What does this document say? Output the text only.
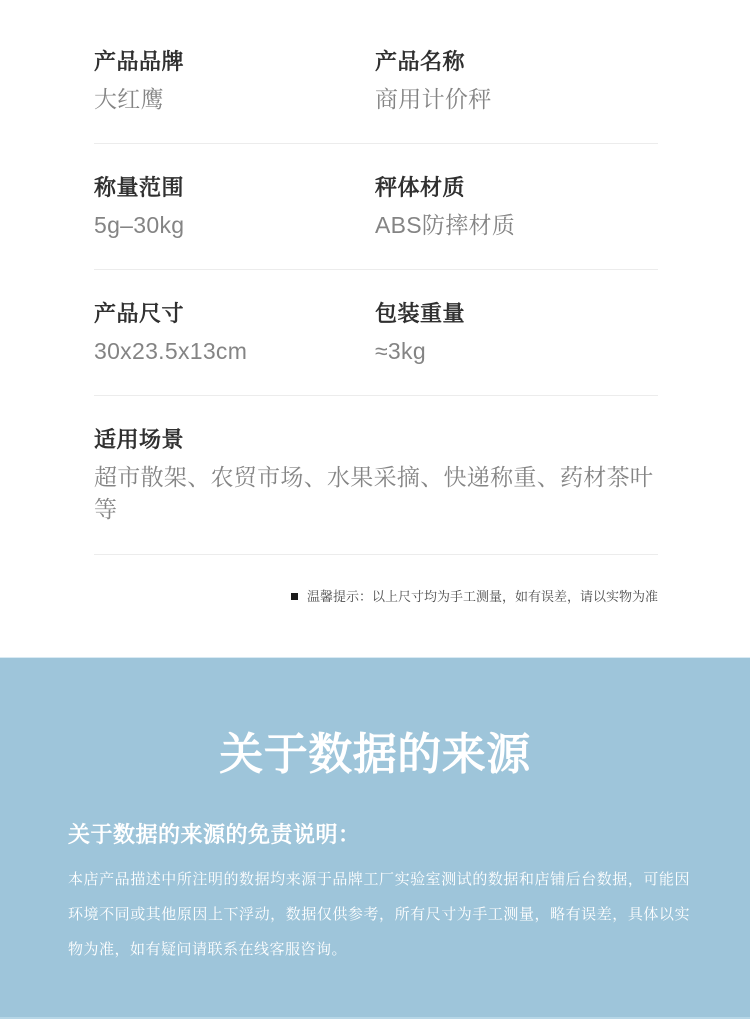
产品品牌
大红鹰
产品名称
商用计价秤
称量范围
5g–30kg
秤体材质
ABS防摔材质
产品尺寸
30x23.5x13cm
包装重量
≈3kg
适用场景
超市散架、农贸市场、水果采摘、快递称重、药材茶叶等
温馨提示：以上尺寸均为手工测量，如有误差，请以实物为准
关于数据的来源
关于数据的来源的免责说明：

本店产品描述中所注明的数据均来源于品牌工厂实验室测试的数据和店铺后台数据，可能因环境不同或其他原因上下浮动，数据仅供参考，所有尺寸为手工测量，略有误差，具体以实物为准，如有疑问请联系在线客服咨询。
